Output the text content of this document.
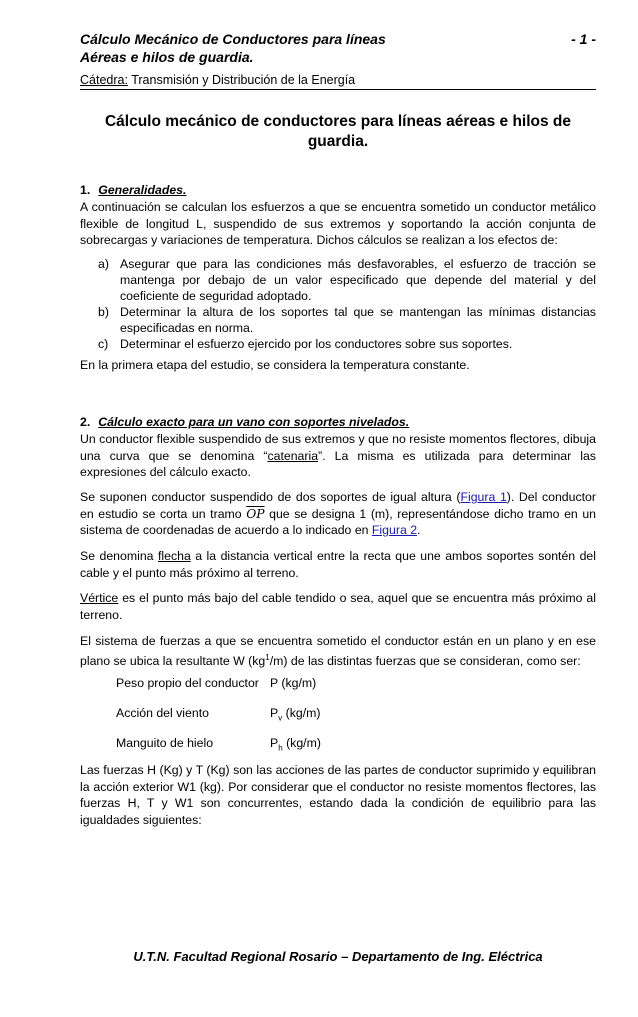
Cálculo Mecánico de Conductores para líneas
Aéreas e hilos de guardia.
- 1 -
Cátedra: Transmisión y Distribución de la Energía
Cálculo mecánico de conductores para líneas aéreas e hilos de guardia.
1. Generalidades.
A continuación se calculan los esfuerzos a que se encuentra sometido un conductor metálico flexible de longitud L, suspendido de sus extremos y soportando la acción conjunta de sobrecargas y variaciones de temperatura. Dichos cálculos se realizan a los efectos de:
a) Asegurar que para las condiciones más desfavorables, el esfuerzo de tracción se mantenga por debajo de un valor especificado que depende del material y del coeficiente de seguridad adoptado.
b) Determinar la altura de los soportes tal que se mantengan las mínimas distancias especificadas en norma.
c) Determinar el esfuerzo ejercido por los conductores sobre sus soportes.
En la primera etapa del estudio, se considera la temperatura constante.
2. Cálculo exacto para un vano con soportes nivelados.
Un conductor flexible suspendido de sus extremos y que no resiste momentos flectores, dibuja una curva que se denomina “catenaria”. La misma es utilizada para determinar las expresiones del cálculo exacto.
Se suponen conductor suspendido de dos soportes de igual altura (Figura 1). Del conductor en estudio se corta un tramo $\overline{OP}$ que se designa 1 (m), representándose dicho tramo en un sistema de coordenadas de acuerdo a lo indicado en Figura 2.
Se denomina flecha a la distancia vertical entre la recta que une ambos soportes sontén del cable y el punto más próximo al terreno.
Vértice es el punto más bajo del cable tendido o sea, aquel que se encuentra más próximo al terreno.
El sistema de fuerzas a que se encuentra sometido el conductor están en un plano y en ese plano se ubica la resultante W $(kg^1/m)$ de las distintas fuerzas que se consideran, como ser:
Peso propio del conductor P (kg/m)
Acción del viento	$P_v$ (kg/m)
Manguito de hielo	$P_h$ (kg/m)
Las fuerzas H (Kg) y T (Kg) son las acciones de las partes de conductor suprimido y equilibran la acción exterior W1 (kg). Por considerar que el conductor no resiste momentos flectores, las fuerzas H, T y W1 son concurrentes, estando dada la condición de equilibrio para las igualdades siguientes:
U.T.N. Facultad Regional Rosario – Departamento de Ing. Eléctrica
